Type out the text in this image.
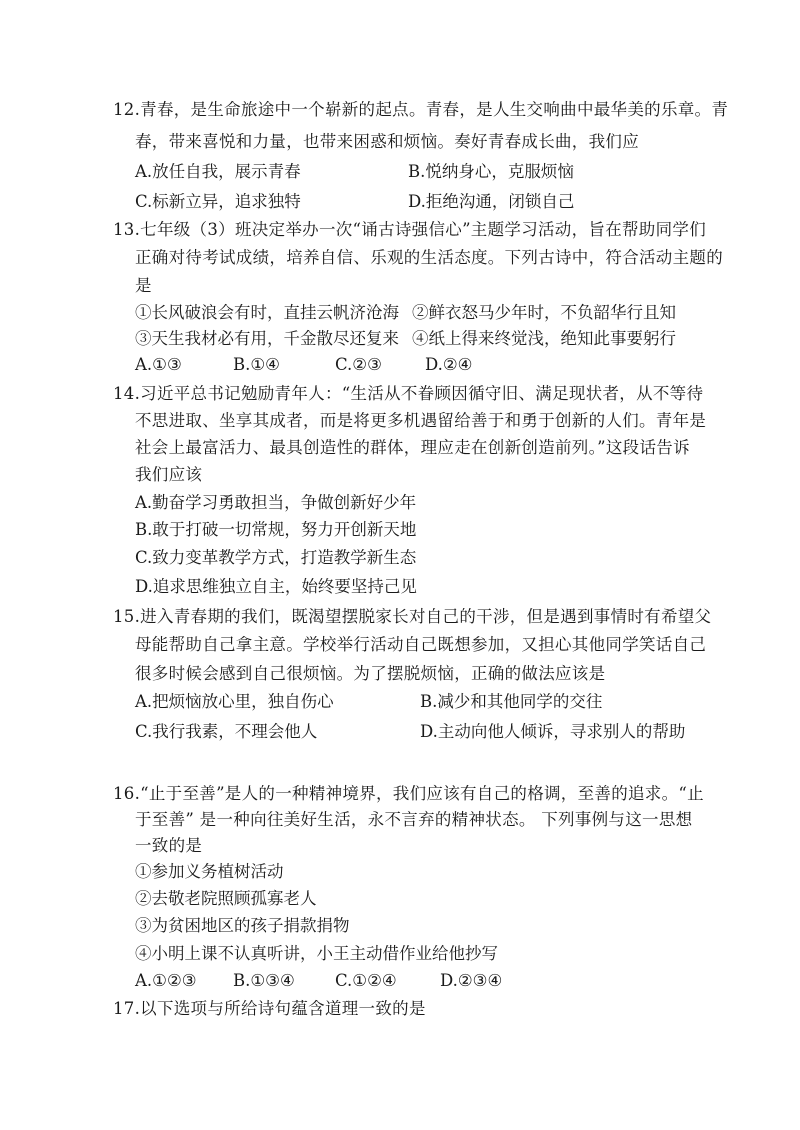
12.青春，是生命旅途中一个崭新的起点。青春，是人生交响曲中最华美的乐章。青
春，带来喜悦和力量，也带来困惑和烦恼。奏好青春成长曲，我们应
A.放任自我，展示青春	B.悦纳身心，克服烦恼
C.标新立异，追求独特	D.拒绝沟通，闭锁自己
13.七年级（3）班决定举办一次“诵古诗强信心”主题学习活动，旨在帮助同学们
正确对待考试成绩，培养自信、乐观的生活态度。下列古诗中，符合活动主题的
是
①长风破浪会有时，直挂云帆济沧海 ②鲜衣怒马少年时，不负韶华行且知
③天生我材必有用，千金散尽还复来 ④纸上得来终觉浅，绝知此事要躬行
A.①③	B.①④	C.②③	D.②④
14.习近平总书记勉励青年人：“生活从不眷顾因循守旧、满足现状者，从不等待
不思进取、坐享其成者，而是将更多机遇留给善于和勇于创新的人们。青年是
社会上最富活力、最具创造性的群体，理应走在创新创造前列。”这段话告诉
我们应该
A.勤奋学习勇敢担当，争做创新好少年
B.敢于打破一切常规，努力开创新天地
C.致力变革教学方式，打造教学新生态
D.追求思维独立自主，始终要坚持己见
15.进入青春期的我们，既渴望摆脱家长对自己的干涉，但是遇到事情时有希望父
母能帮助自己拿主意。学校举行活动自己既想参加，又担心其他同学笑话自己
很多时候会感到自己很烦恼。为了摆脱烦恼，正确的做法应该是
A.把烦恼放心里，独自伤心	B.减少和其他同学的交往
C.我行我素，不理会他人	D.主动向他人倾诉，寻求别人的帮助
16.“止于至善”是人的一种精神境界，我们应该有自己的格调，至善的追求。“止
于至善” 是一种向往美好生活，永不言弃的精神状态。 下列事例与这一思想
一致的是
①参加义务植树活动
②去敬老院照顾孤寡老人
③为贫困地区的孩子捐款捐物
④小明上课不认真听讲，小王主动借作业给他抄写
A.①②③ B.①③④ C.①②④	D.②③④
17.以下选项与所给诗句蕴含道理一致的是
